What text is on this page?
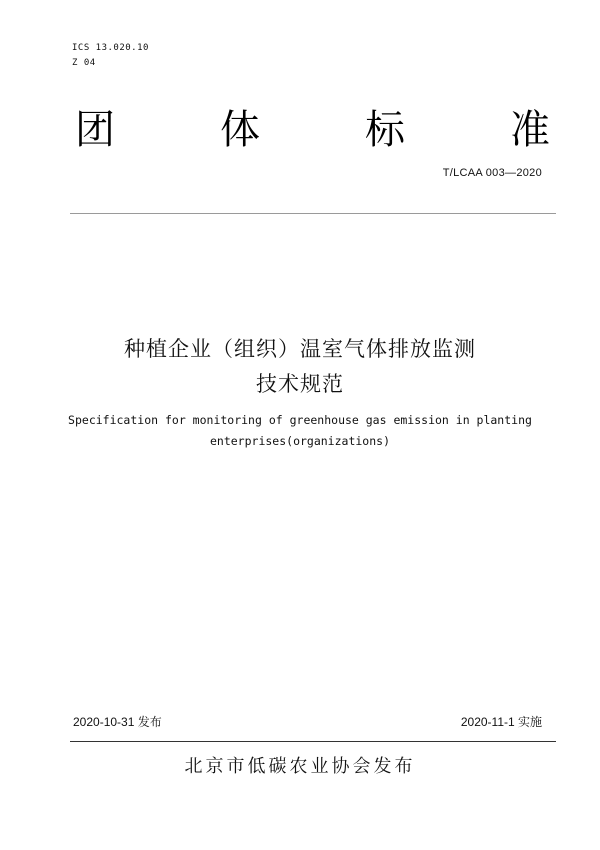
ICS 13.020.10
Z 04
团	体	标	准
T/LCAA 003—2020
种植企业（组织）温室气体排放监测
技术规范
Specification for monitoring of greenhouse gas emission in planting
enterprises(organizations)
2020-10-31 发布	2020-11-1 实施
北京市低碳农业协会发布
